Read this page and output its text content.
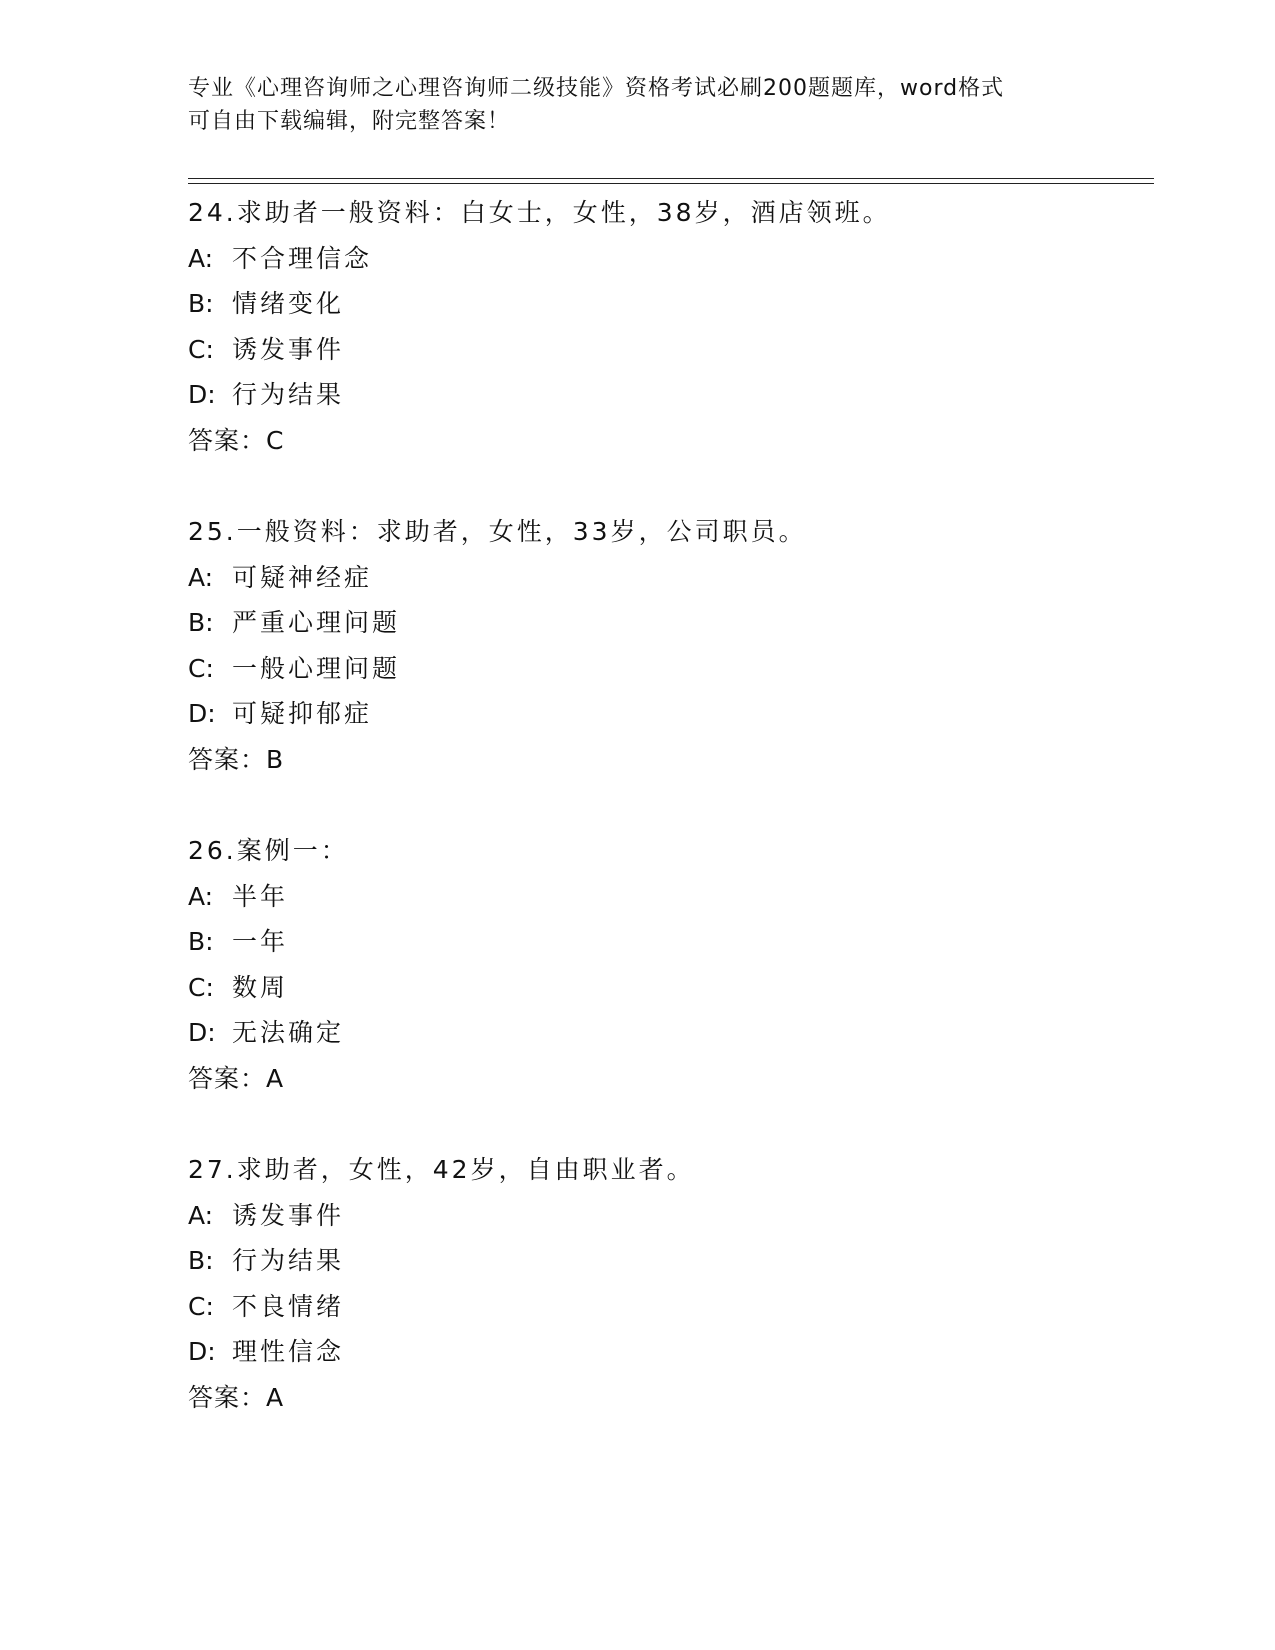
专业《心理咨询师之心理咨询师二级技能》资格考试必刷200题题库，word格式
可自由下载编辑，附完整答案！
24.求助者一般资料：白女士，女性，38岁，酒店领班。
A: 不合理信念
B: 情绪变化
C: 诱发事件
D: 行为结果
答案：C
25.一般资料：求助者，女性，33岁，公司职员。
A: 可疑神经症
B: 严重心理问题
C: 一般心理问题
D: 可疑抑郁症
答案：B
26.案例一：
A: 半年
B: 一年
C: 数周
D: 无法确定
答案：A
27.求助者，女性，42岁，自由职业者。
A: 诱发事件
B: 行为结果
C: 不良情绪
D: 理性信念
答案：A
